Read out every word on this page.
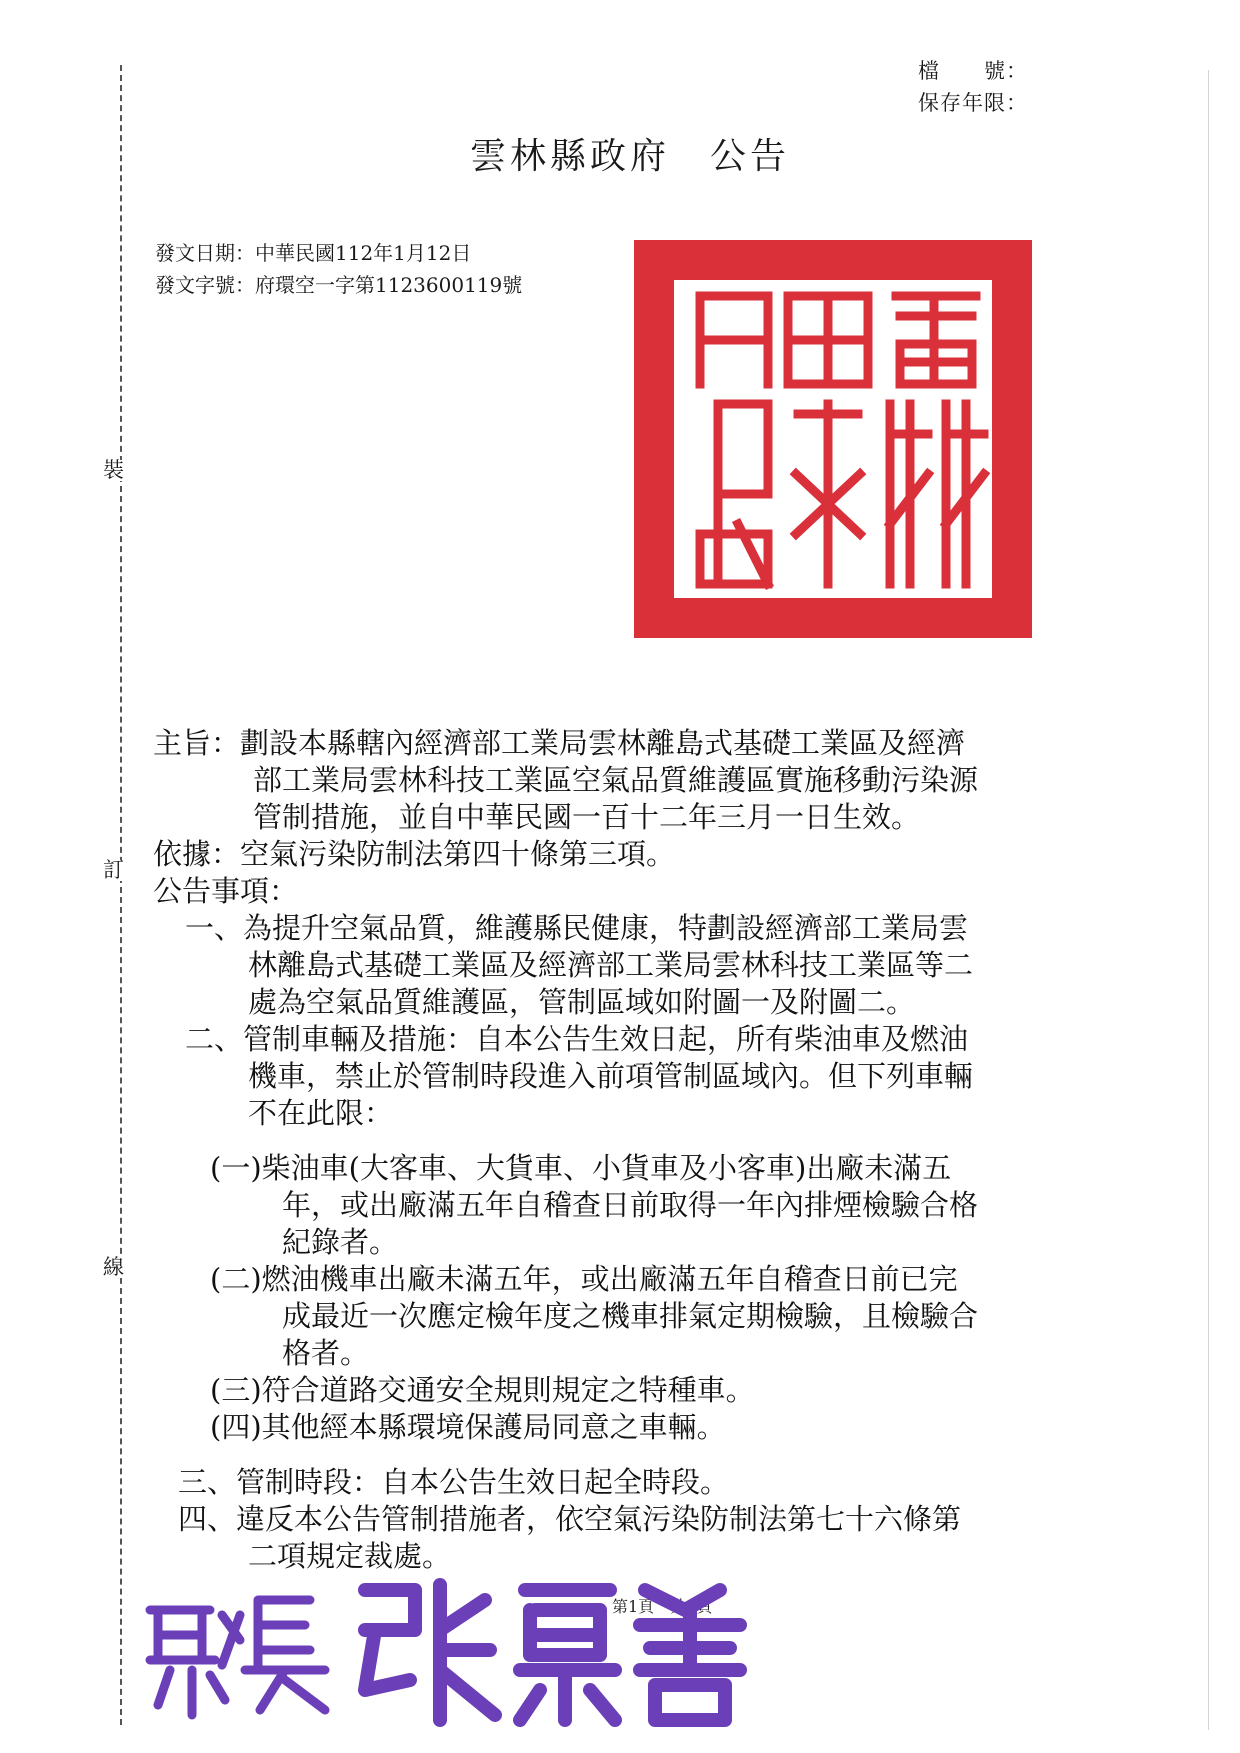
裝
訂
線
檔　　號：
保存年限：
雲林縣政府　公告
發文日期：中華民國112年1月12日
發文字號：府環空一字第1123600119號
主旨：劃設本縣轄內經濟部工業局雲林離島式基礎工業區及經濟
部工業局雲林科技工業區空氣品質維護區實施移動污染源
管制措施，並自中華民國一百十二年三月一日生效。
依據：空氣污染防制法第四十條第三項。
公告事項：
一、為提升空氣品質，維護縣民健康，特劃設經濟部工業局雲
林離島式基礎工業區及經濟部工業局雲林科技工業區等二
處為空氣品質維護區，管制區域如附圖一及附圖二。
二、管制車輛及措施：自本公告生效日起，所有柴油車及燃油
機車，禁止於管制時段進入前項管制區域內。但下列車輛
不在此限：
(一)柴油車(大客車、大貨車、小貨車及小客車)出廠未滿五
年，或出廠滿五年自稽查日前取得一年內排煙檢驗合格
紀錄者。
(二)燃油機車出廠未滿五年，或出廠滿五年自稽查日前已完
成最近一次應定檢年度之機車排氣定期檢驗，且檢驗合
格者。
(三)符合道路交通安全規則規定之特種車。
(四)其他經本縣環境保護局同意之車輛。
三、管制時段：自本公告生效日起全時段。
四、違反本公告管制措施者，依空氣污染防制法第七十六條第
二項規定裁處。
第1頁　共1頁
